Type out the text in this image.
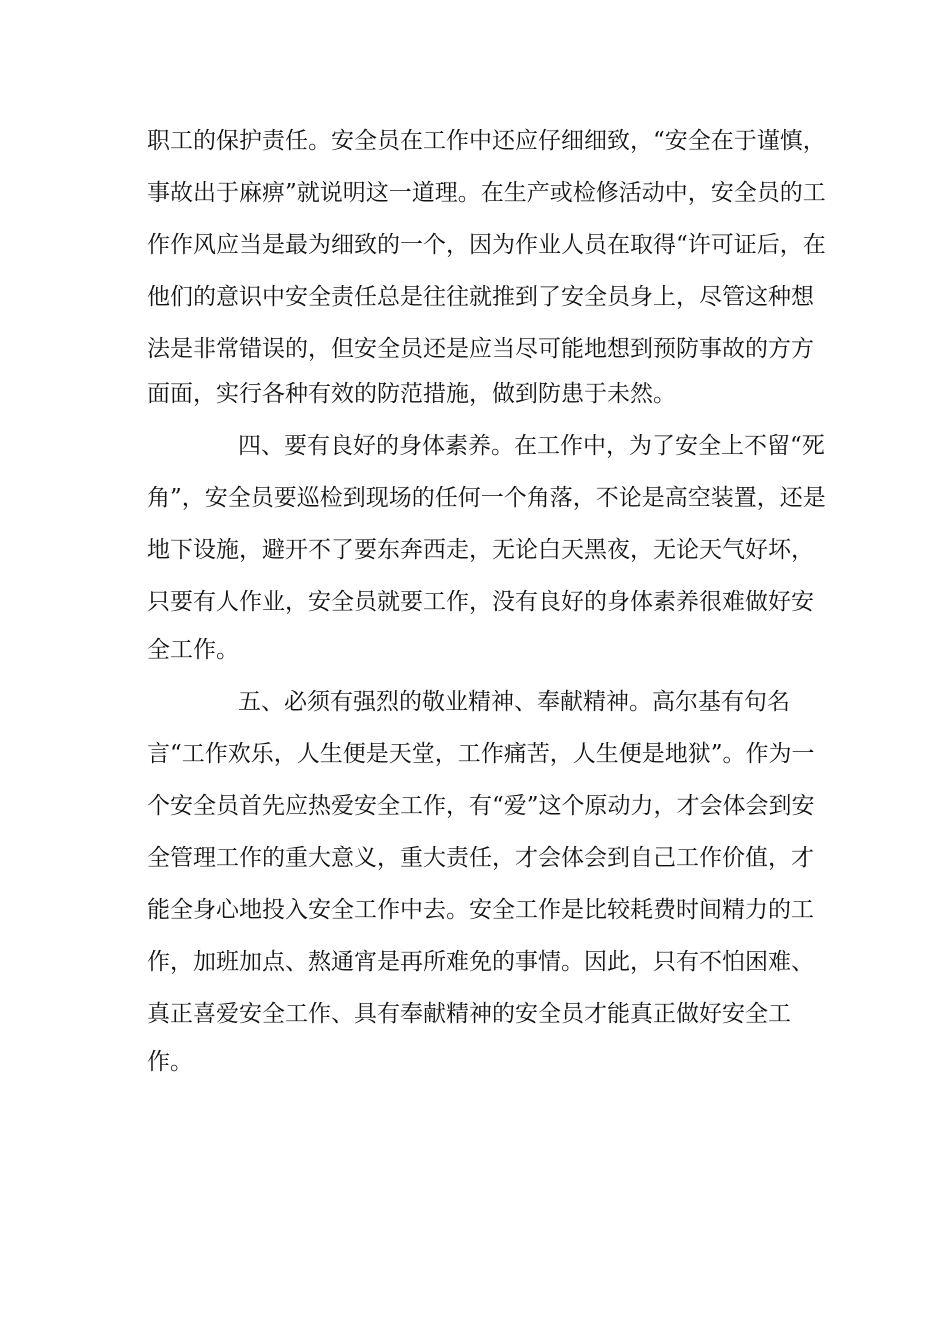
职工的保护责任。安全员在工作中还应仔细细致，“安全在于谨慎，
事故出于麻痹”就说明这一道理。在生产或检修活动中，安全员的工
作作风应当是最为细致的一个，因为作业人员在取得“许可证后，在
他们的意识中安全责任总是往往就推到了安全员身上，尽管这种想
法是非常错误的，但安全员还是应当尽可能地想到预防事故的方方
面面，实行各种有效的防范措施，做到防患于未然。
四、要有良好的身体素养。在工作中，为了安全上不留“死
角”，安全员要巡检到现场的任何一个角落，不论是高空装置，还是
地下设施，避开不了要东奔西走，无论白天黑夜，无论天气好坏，
只要有人作业，安全员就要工作，没有良好的身体素养很难做好安
全工作。
五、必须有强烈的敬业精神、奉献精神。高尔基有句名
言“工作欢乐，人生便是天堂，工作痛苦，人生便是地狱”。作为一
个安全员首先应热爱安全工作，有“爱”这个原动力，才会体会到安
全管理工作的重大意义，重大责任，才会体会到自己工作价值，才
能全身心地投入安全工作中去。安全工作是比较耗费时间精力的工
作，加班加点、熬通宵是再所难免的事情。因此，只有不怕困难、
真正喜爱安全工作、具有奉献精神的安全员才能真正做好安全工
作。
